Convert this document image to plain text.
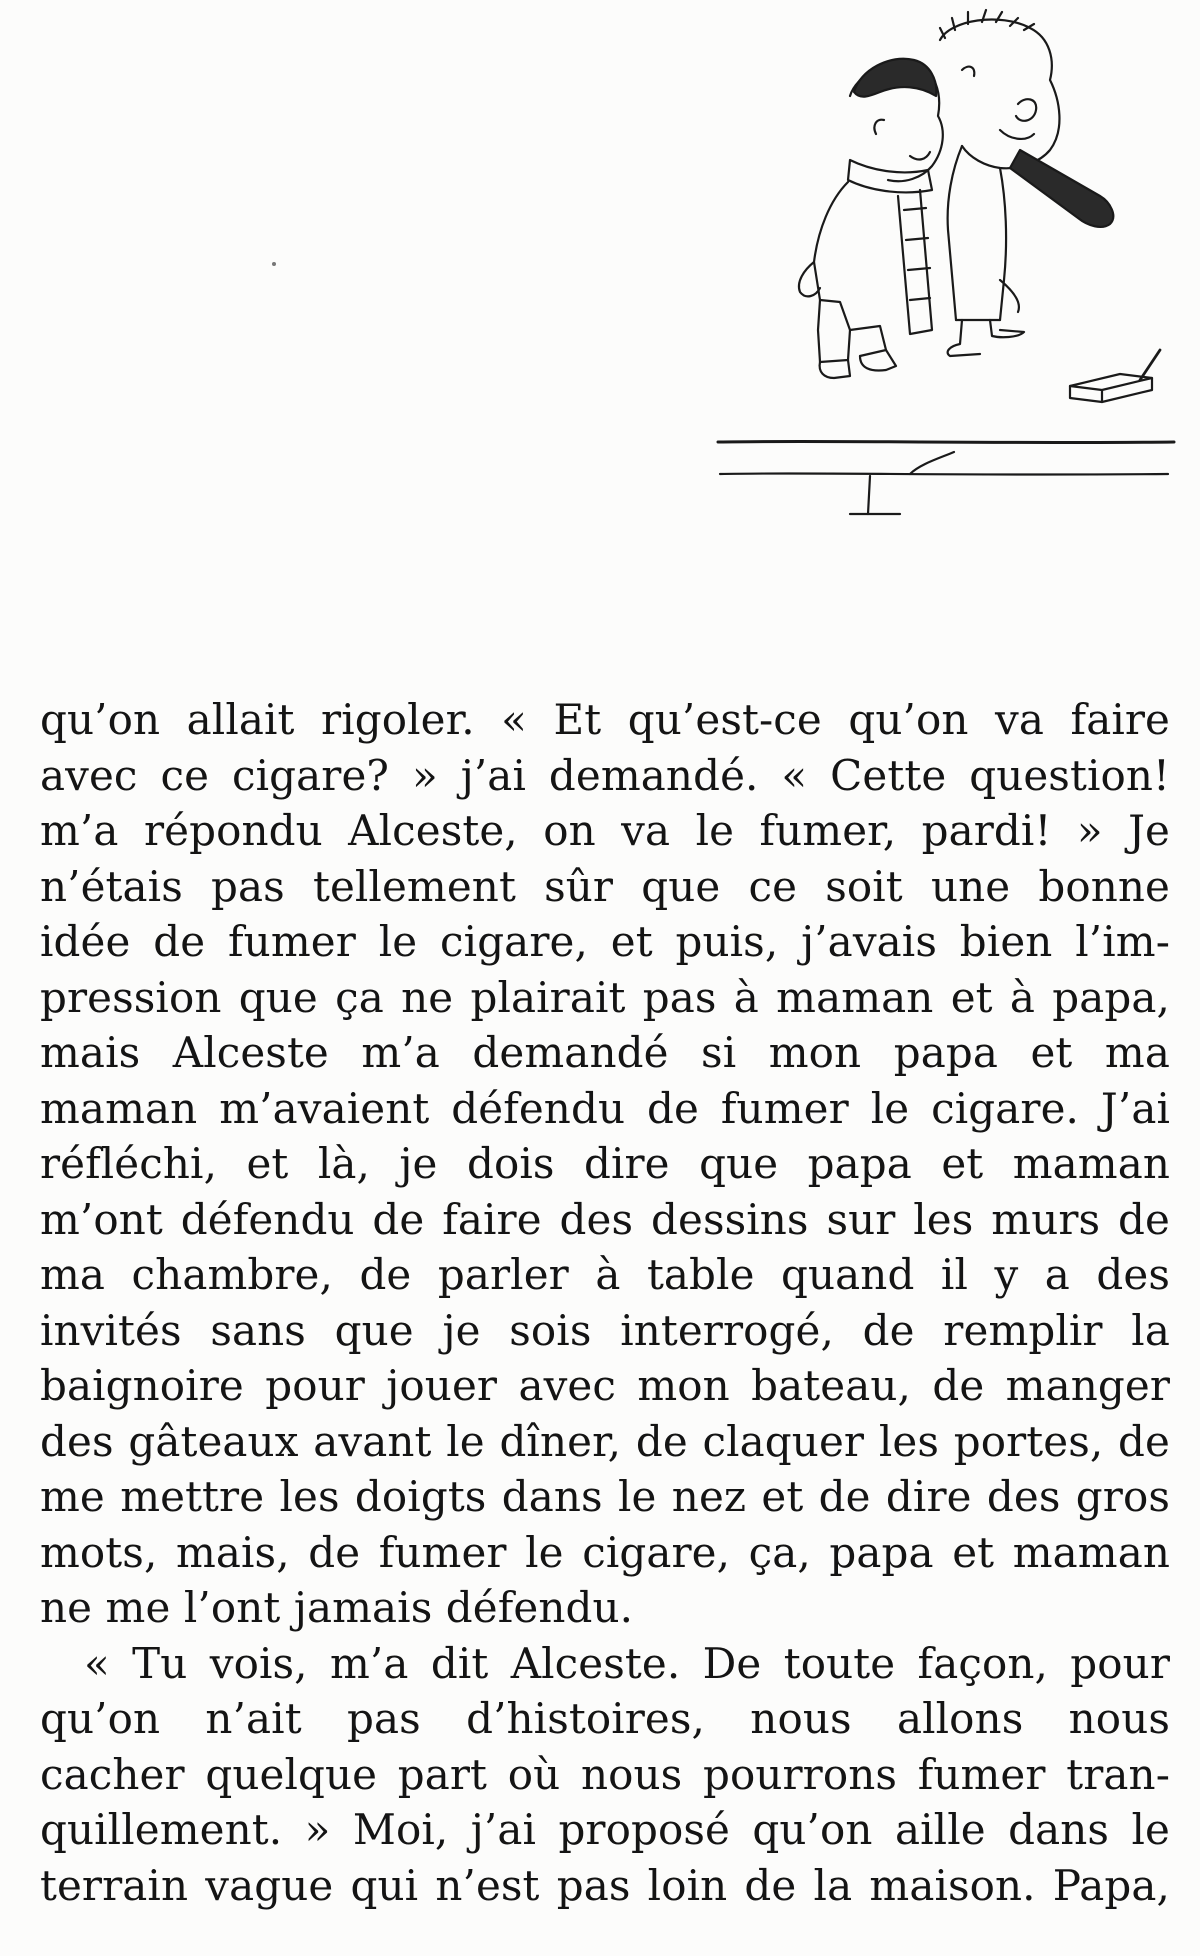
qu’on allait rigoler. « Et qu’est-ce qu’on va faire
avec ce cigare? » j’ai demandé. « Cette question!
m’a répondu Alceste, on va le fumer, pardi! » Je
n’étais pas tellement sûr que ce soit une bonne
idée de fumer le cigare, et puis, j’avais bien l’im-
pression que ça ne plairait pas à maman et à papa,
mais Alceste m’a demandé si mon papa et ma
maman m’avaient défendu de fumer le cigare. J’ai
réfléchi, et là, je dois dire que papa et maman
m’ont défendu de faire des dessins sur les murs de
ma chambre, de parler à table quand il y a des
invités sans que je sois interrogé, de remplir la
baignoire pour jouer avec mon bateau, de manger
des gâteaux avant le dîner, de claquer les portes, de
me mettre les doigts dans le nez et de dire des gros
mots, mais, de fumer le cigare, ça, papa et maman
ne me l’ont jamais défendu.

« Tu vois, m’a dit Alceste. De toute façon, pour
qu’on n’ait pas d’histoires, nous allons nous
cacher quelque part où nous pourrons fumer tran-
quillement. » Moi, j’ai proposé qu’on aille dans le
terrain vague qui n’est pas loin de la maison. Papa,
